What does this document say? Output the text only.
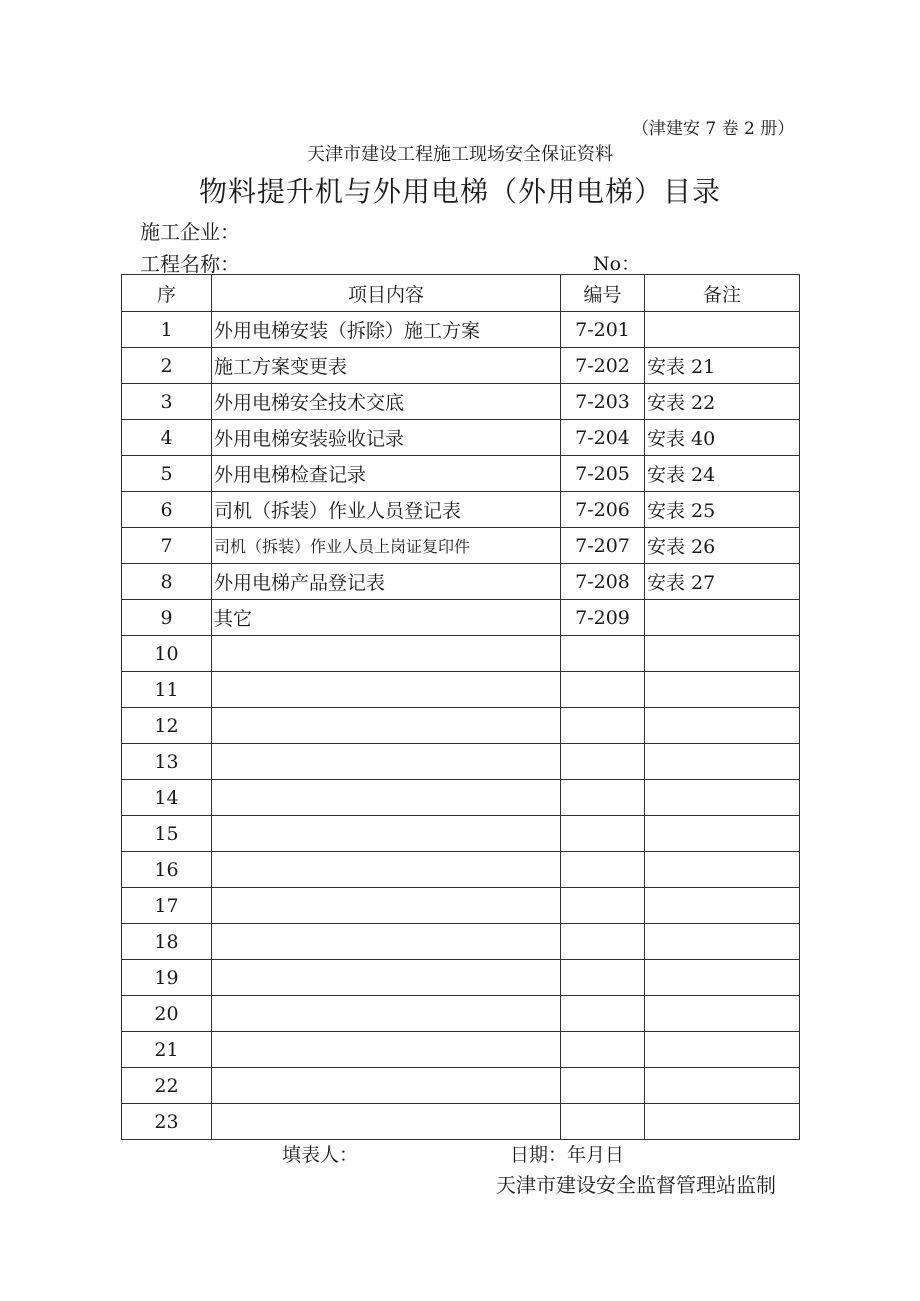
（津建安 7 卷 2 册）
天津市建设工程施工现场安全保证资料
物料提升机与外用电梯（外用电梯）目录
施工企业：
工程名称：	No：
序	项目内容	编号	备注
1	外用电梯安装（拆除）施工方案	7-201	
2	施工方案变更表	7-202	安表 21
3	外用电梯安全技术交底	7-203	安表 22
4	外用电梯安装验收记录	7-204	安表 40
5	外用电梯检查记录	7-205	安表 24
6	司机（拆装）作业人员登记表	7-206	安表 25
7	司机（拆装）作业人员上岗证复印件	7-207	安表 26
8	外用电梯产品登记表	7-208	安表 27
9	其它	7-209	
10			
11			
12			
13			
14			
15			
16			
17			
18			
19			
20			
21			
22			
23			
填表人：	日期：年月日
天津市建设安全监督管理站监制
